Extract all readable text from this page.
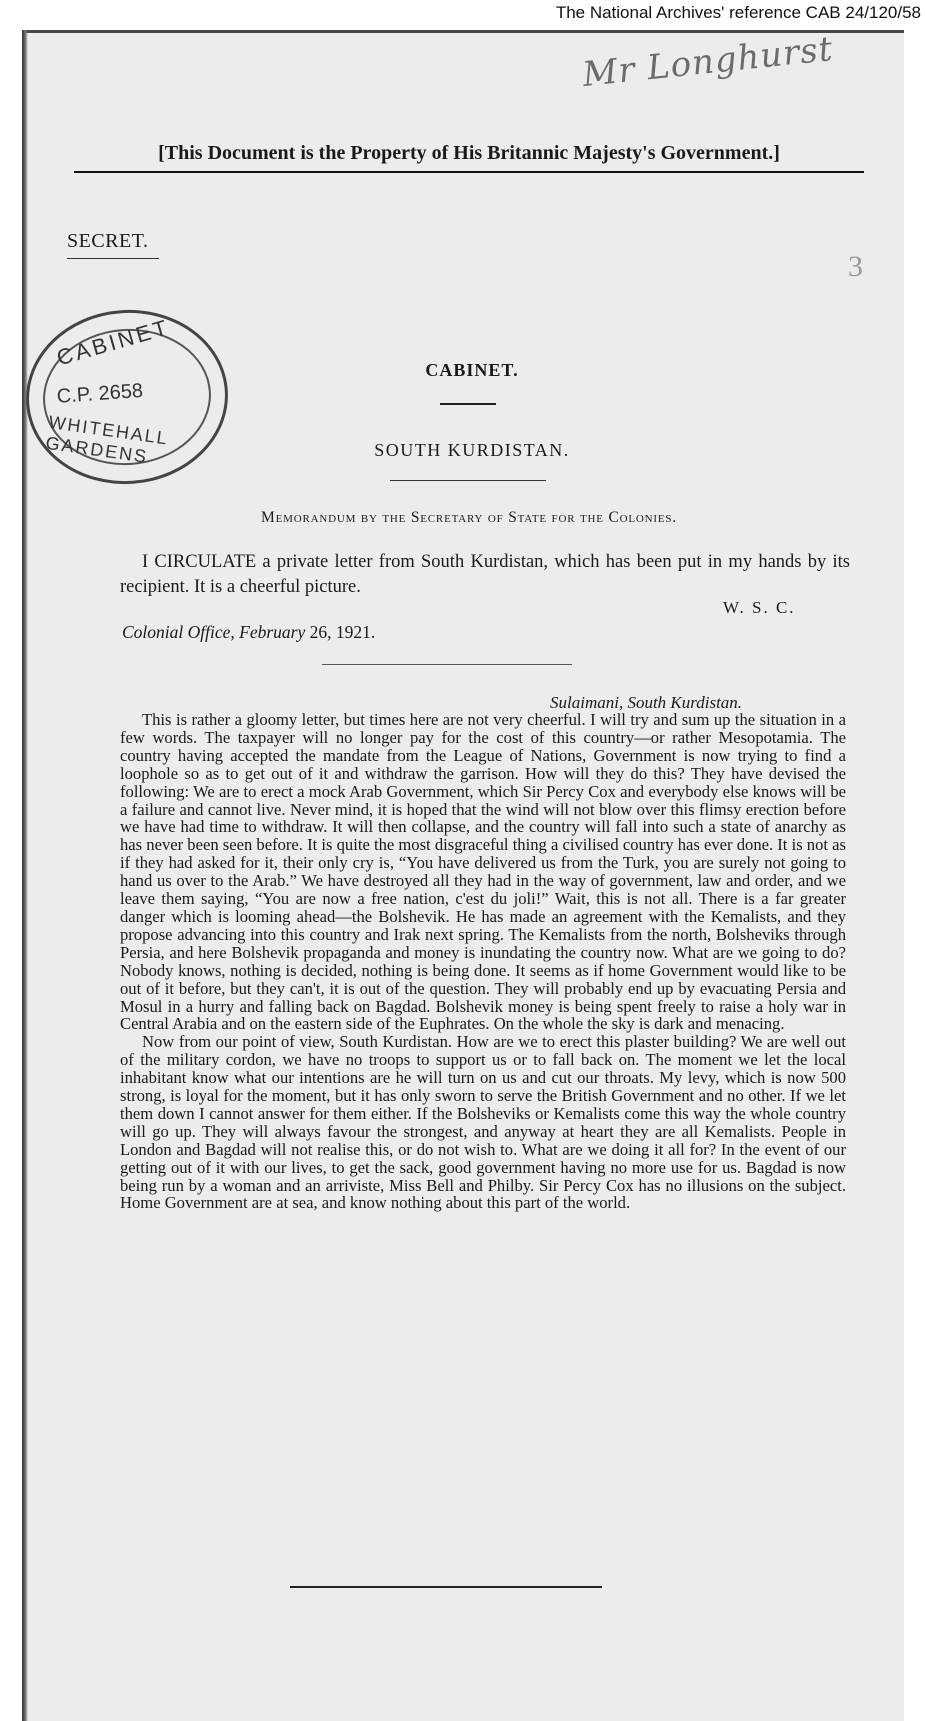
The National Archives' reference CAB 24/120/58
Mr Longhurst
[This Document is the Property of His Britannic Majesty's Government.]
SECRET.
3
CABINET
C.P. 2658
WHITEHALL GARDENS
CABINET.
SOUTH KURDISTAN.
Memorandum by the Secretary of State for the Colonies.

I CIRCULATE a private letter from South Kurdistan, which has been put in my hands by its recipient. It is a cheerful picture.

W. S. C.
Colonial Office, February 26, 1921.
Sulaimani, South Kurdistan.

This is rather a gloomy letter, but times here are not very cheerful. I will try and sum up the situation in a few words. The taxpayer will no longer pay for the cost of this country—or rather Mesopotamia. The country having accepted the mandate from the League of Nations, Government is now trying to find a loophole so as to get out of it and withdraw the garrison. How will they do this? They have devised the following: We are to erect a mock Arab Government, which Sir Percy Cox and everybody else knows will be a failure and cannot live. Never mind, it is hoped that the wind will not blow over this flimsy erection before we have had time to withdraw. It will then collapse, and the country will fall into such a state of anarchy as has never been seen before. It is quite the most disgraceful thing a civilised country has ever done. It is not as if they had asked for it, their only cry is, “You have delivered us from the Turk, you are surely not going to hand us over to the Arab.” We have destroyed all they had in the way of government, law and order, and we leave them saying, “You are now a free nation, c'est du joli!” Wait, this is not all. There is a far greater danger which is looming ahead—the Bolshevik. He has made an agreement with the Kemalists, and they propose advancing into this country and Irak next spring. The Kemalists from the north, Bolsheviks through Persia, and here Bolshevik propaganda and money is inundating the country now. What are we going to do? Nobody knows, nothing is decided, nothing is being done. It seems as if home Government would like to be out of it before, but they can't, it is out of the question. They will probably end up by evacuating Persia and Mosul in a hurry and falling back on Bagdad. Bolshevik money is being spent freely to raise a holy war in Central Arabia and on the eastern side of the Euphrates. On the whole the sky is dark and menacing.

Now from our point of view, South Kurdistan. How are we to erect this plaster building? We are well out of the military cordon, we have no troops to support us or to fall back on. The moment we let the local inhabitant know what our intentions are he will turn on us and cut our throats. My levy, which is now 500 strong, is loyal for the moment, but it has only sworn to serve the British Government and no other. If we let them down I cannot answer for them either. If the Bolsheviks or Kemalists come this way the whole country will go up. They will always favour the strongest, and anyway at heart they are all Kemalists. People in London and Bagdad will not realise this, or do not wish to. What are we doing it all for? In the event of our getting out of it with our lives, to get the sack, good government having no more use for us. Bagdad is now being run by a woman and an arriviste, Miss Bell and Philby. Sir Percy Cox has no illusions on the subject. Home Government are at sea, and know nothing about this part of the world.
